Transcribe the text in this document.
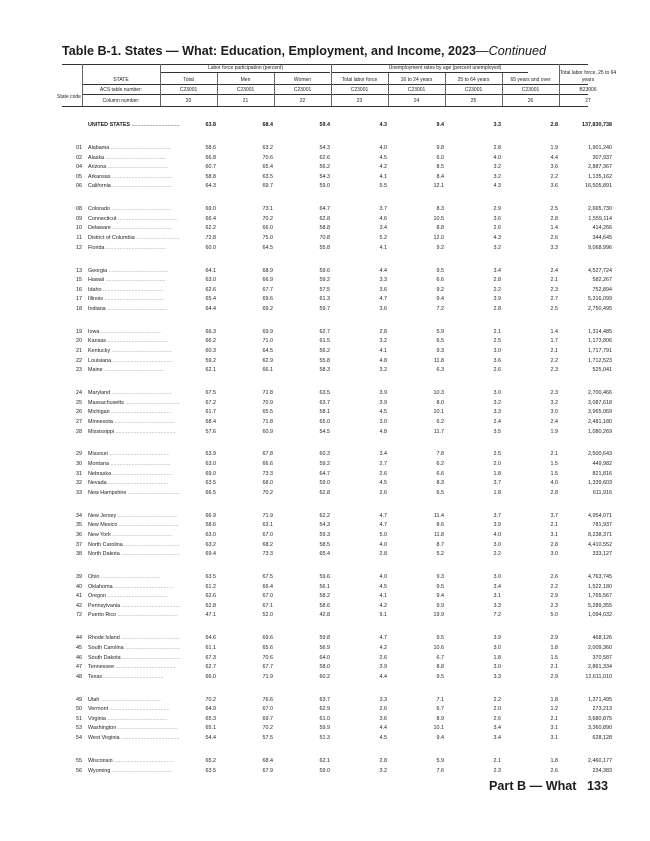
Table B-1. States — What: Education, Employment, and Income, 2023—Continued
Labor force participation (percent)	Unemployment rates by age (percent unemployed)
Total labor force, 25 to 64 years
STATE
State code
ACS table number:
Column number:
Total	Men	Women	Total labor force	16 to 24 years	25 to 64 years	65 years and over
C23001	C23001	C23001	C23001	C23001	C23001	C23001	B23006
20	21	22	23	24	25	26	27
UNITED STATES .....	63.8	68.4	59.4	4.3	9.4	3.3	2.8	137,830,738
01 Alabama .....	58.6	63.2	54.3	4.0	9.8	2.8	1.9	1,901,240
02 Alaska .....	66.8	70.6	62.6	4.5	6.0	4.0	4.4	307,937
04 Arizona .....	60.7	65.4	56.2	4.2	8.5	3.2	3.6	2,887,367
05 Arkansas .....	58.8	63.5	54.3	4.1	8.4	3.2	2.2	1,135,162
06 California .....	64.3	69.7	59.0	5.5	12.1	4.3	3.6	16,505,891
08 Colorado .....	69.0	73.1	64.7	3.7	8.3	2.9	2.5	2,665,730
09 Connecticut .....	66.4	70.2	62.8	4.6	10.5	3.6	2.8	1,559,114
10 Delaware .....	62.2	66.0	58.8	3.4	8.8	2.6	1.4	414,266
11 District of Columbia .....	72.8	75.0	70.8	5.2	12.0	4.3	2.6	344,645
12 Florida .....	60.0	64.5	55.8	4.1	9.2	3.2	3.3	9,068,996
13 Georgia .....	64.1	68.9	59.6	4.4	9.5	3.4	2.4	4,527,724
15 Hawaii .....	63.0	66.9	59.2	3.3	6.6	2.8	2.1	582,267
16 Idaho .....	62.6	67.7	57.5	3.6	9.2	2.2	2.3	752,894
17 Illinois .....	65.4	69.6	61.3	4.7	9.4	3.9	2.7	5,316,099
18 Indiana .....	64.4	69.2	59.7	3.6	7.2	2.8	2.5	2,750,495
19 Iowa .....	66.3	69.9	62.7	2.8	5.9	2.1	1.4	1,314,485
20 Kansas .....	66.2	71.0	61.5	3.2	6.5	2.5	1.7	1,173,806
21 Kentucky .....	60.3	64.5	56.2	4.1	9.3	3.0	2.1	1,717,791
22 Louisiana .....	59.2	62.9	55.8	4.8	11.8	3.6	2.2	1,712,523
23 Maine .....	62.1	66.1	58.3	3.2	6.3	2.6	2.3	525,041
24 Maryland .....	67.5	71.8	63.5	3.9	10.3	3.0	2.3	2,700,466
25 Massachusetts .....	67.2	70.9	63.7	3.9	8.0	3.2	3.2	3,087,618
26 Michigan .....	61.7	65.5	58.1	4.5	10.1	3.3	3.0	3,965,069
27 Minnesota .....	68.4	71.8	65.0	3.0	6.2	2.4	2.4	2,481,180
28 Mississippi .....	57.6	60.9	54.5	4.8	11.7	3.5	1.9	1,080,269
29 Missouri .....	63.9	67.8	60.3	3.4	7.8	2.5	2.1	2,500,643
30 Montana .....	63.0	66.6	59.2	2.7	6.2	2.0	1.5	449,982
31 Nebraska .....	69.0	73.3	64.7	2.6	6.6	1.8	1.5	821,816
32 Nevada .....	63.5	68.0	59.0	4.5	8.3	3.7	4.0	1,339,603
33 New Hampshire .....	66.5	70.2	62.8	2.6	6.5	1.8	2.8	611,916
34 New Jersey .....	66.9	71.9	62.2	4.7	11.4	3.7	3.7	4,954,071
35 New Mexico .....	58.6	63.1	54.3	4.7	8.6	3.9	2.1	781,937
36 New York .....	63.0	67.0	59.3	5.0	11.8	4.0	3.1	8,238,371
37 North Carolina .....	63.2	68.2	58.5	4.0	8.7	3.0	2.8	4,410,552
38 North Dakota .....	69.4	73.3	65.4	2.8	5.2	2.2	3.0	333,127
39 Ohio .....	63.5	67.5	59.6	4.0	9.3	3.0	2.6	4,763,745
40 Oklahoma .....	61.2	66.4	56.1	4.5	9.5	3.4	2.2	1,522,180
41 Oregon .....	62.6	67.0	58.2	4.1	9.4	3.1	2.9	1,765,567
42 Pennsylvania .....	62.8	67.1	58.6	4.2	9.9	3.3	2.3	5,289,355
72 Puerto Rico .....	47.1	52.0	42.8	9.1	19.9	7.2	5.0	1,094,032
44 Rhode Island .....	64.6	69.6	59.8	4.7	9.5	3.9	2.9	468,126
45 South Carolina .....	61.1	65.6	56.9	4.2	10.6	3.0	1.8	2,009,360
46 South Dakota .....	67.3	70.6	64.0	2.6	6.7	1.8	1.5	370,587
47 Tennessee .....	62.7	67.7	58.0	3.9	8.8	3.0	2.1	2,861,334
48 Texas .....	66.0	71.9	60.2	4.4	9.5	3.3	2.9	12,611,010
49 Utah .....	70.2	76.6	63.7	3.3	7.1	2.2	1.8	1,371,495
50 Vermont .....	64.9	67.0	62.9	2.6	6.7	2.0	1.2	273,213
51 Virginia .....	65.3	69.7	61.0	3.6	8.9	2.6	2.1	3,680,875
53 Washington .....	65.1	70.2	59.9	4.4	10.1	3.4	3.1	3,360,890
54 West Virginia .....	54.4	57.5	51.3	4.5	9.4	3.4	3.1	628,128
55 Wisconsin .....	65.2	68.4	62.1	2.8	5.9	2.1	1.8	2,460,177
56 Wyoming .....	63.5	67.9	59.0	3.2	7.6	2.3	2.6	234,383
Part B — What 133
